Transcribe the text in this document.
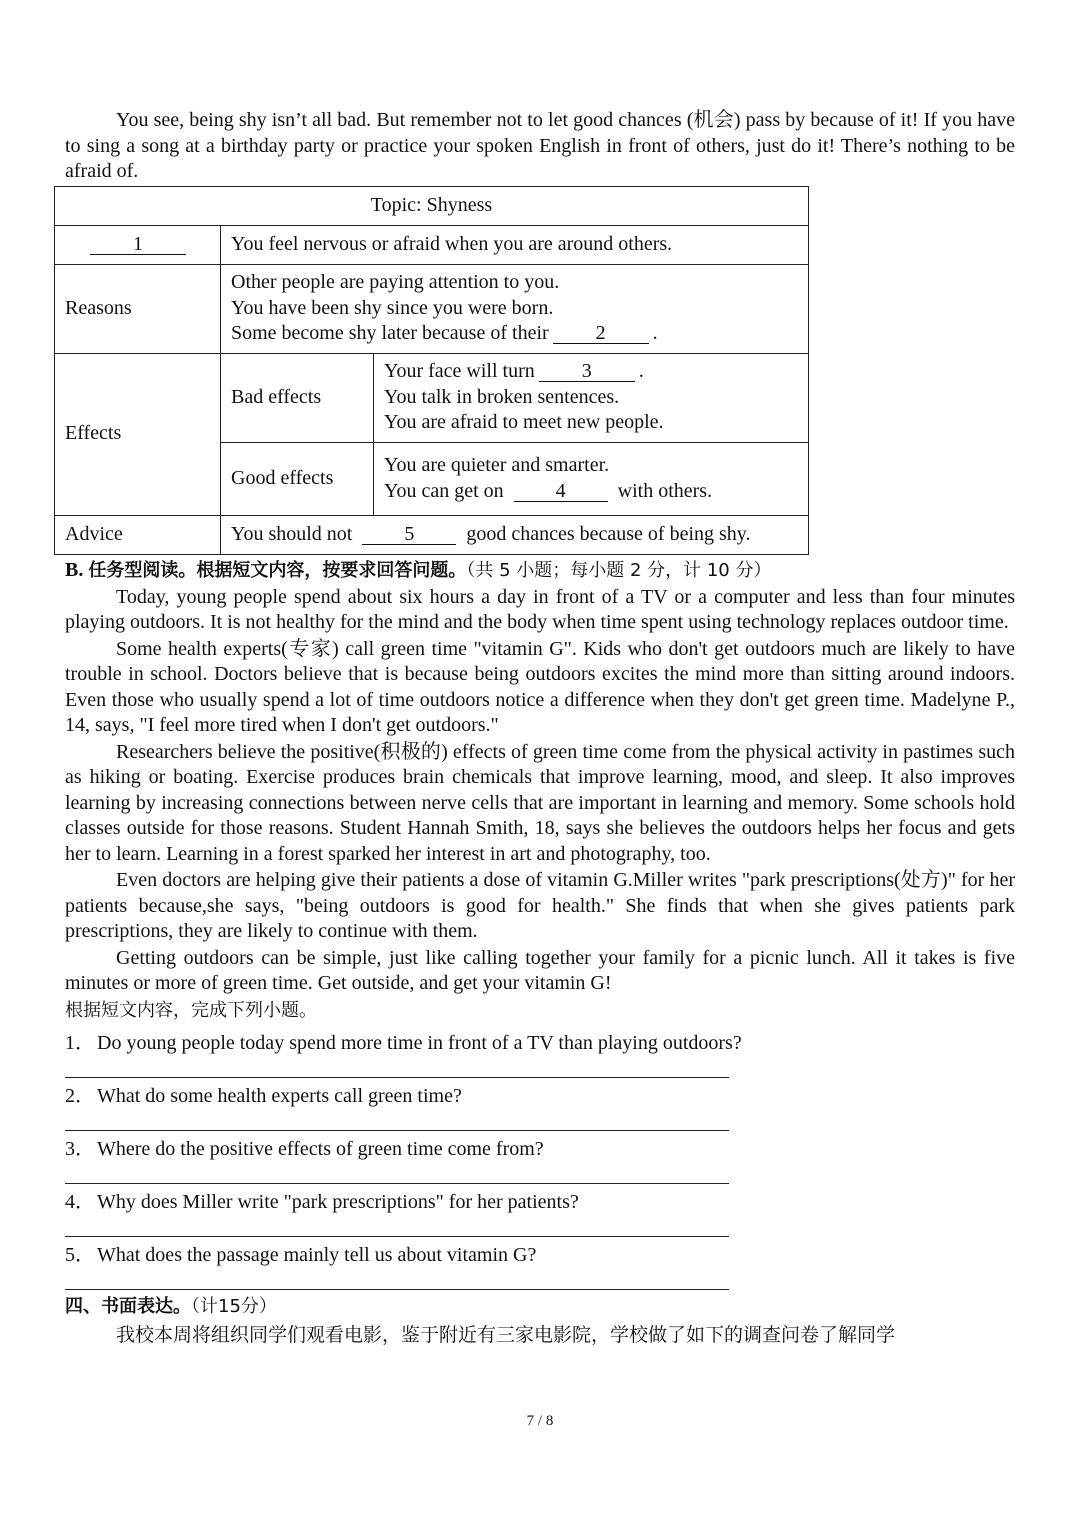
You see, being shy isn’t all bad. But remember not to let good chances (机会) pass by because of it! If you have to sing a song at a birthday party or practice your spoken English in front of others, just do it! There’s nothing to be afraid of.

Topic: Shyness		
1	You feel nervous or afraid when you are around others.	
Reasons	Other people are paying attention to you.
You have been shy since you were born.
Some become shy later because of their 2 .	

Effects	Bad effects	Your face will turn 3 .
You talk in broken sentences.
You are afraid to meet new people.

	Good effects	You are quieter and smarter.
You can get on 4 with others.

Advice	You should not 5 good chances because of being shy.	
B. 任务型阅读。根据短文内容，按要求回答问题。（共 5 小题；每小题 2 分，计 10 分）

Today, young people spend about six hours a day in front of a TV or a computer and less than four minutes playing outdoors. It is not healthy for the mind and the body when time spent using technology replaces outdoor time.

Some health experts(专家) call green time "vitamin G". Kids who don't get outdoors much are likely to have trouble in school. Doctors believe that is because being outdoors excites the mind more than sitting around indoors. Even those who usually spend a lot of time outdoors notice a difference when they don't get green time. Madelyne P., 14, says, "I feel more tired when I don't get outdoors."

Researchers believe the positive(积极的) effects of green time come from the physical activity in pastimes such as hiking or boating. Exercise produces brain chemicals that improve learning, mood, and sleep. It also improves learning by increasing connections between nerve cells that are important in learning and memory. Some schools hold classes outside for those reasons. Student Hannah Smith, 18, says she believes the outdoors helps her focus and gets her to learn. Learning in a forest sparked her interest in art and photography, too.

Even doctors are helping give their patients a dose of vitamin G.Miller writes "park prescriptions(处方)" for her patients because,she says, "being outdoors is good for health." She finds that when she gives patients park prescriptions, they are likely to continue with them.

Getting outdoors can be simple, just like calling together your family for a picnic lunch. All it takes is five minutes or more of green time. Get outside, and get your vitamin G!

根据短文内容，完成下列小题。
1． Do young people today spend more time in front of a TV than playing outdoors?
2． What do some health experts call green time?
3． Where do the positive effects of green time come from?
4． Why does Miller write "park prescriptions" for her patients?
5． What does the passage mainly tell us about vitamin G?
四、书面表达。（计15分）
我校本周将组织同学们观看电影，鉴于附近有三家电影院，学校做了如下的调查问卷了解同学
7 / 8
